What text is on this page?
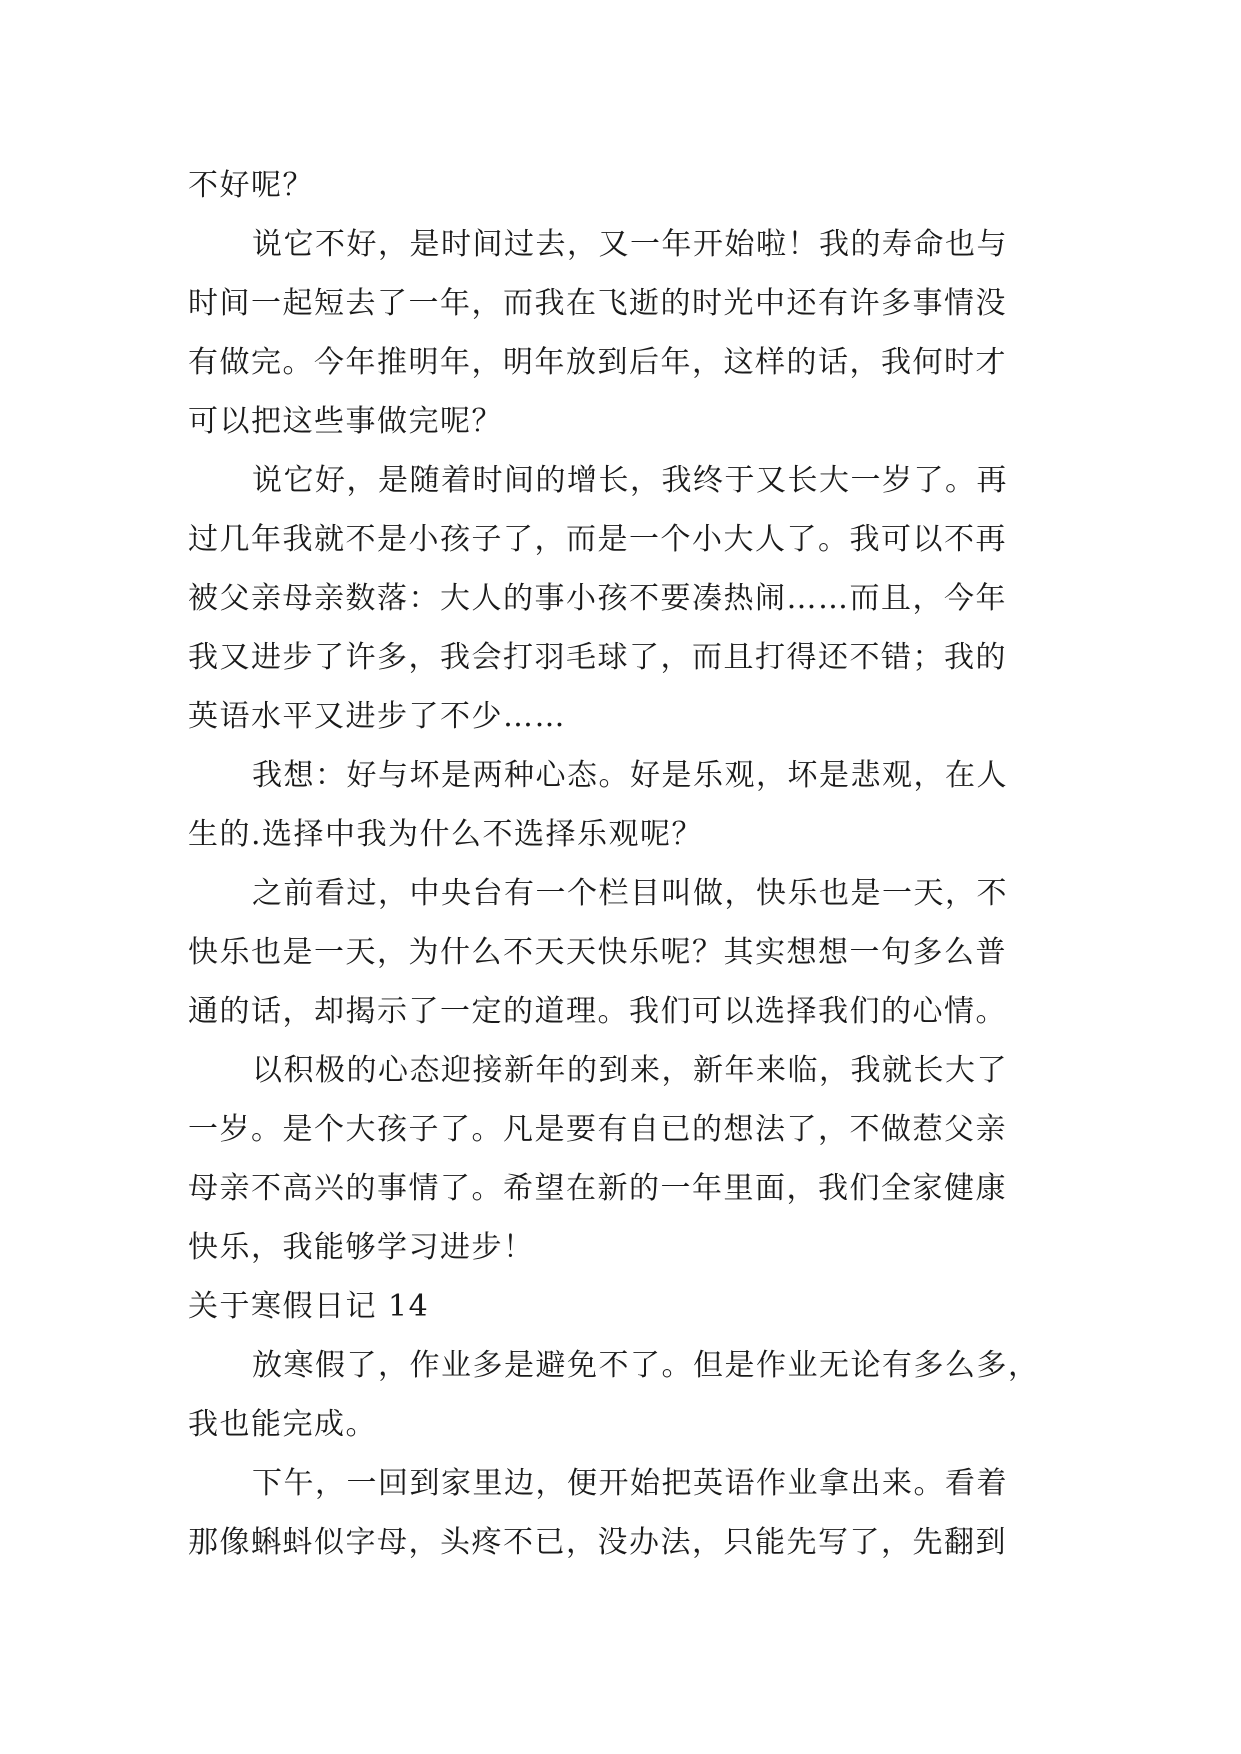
不好呢？
说它不好，是时间过去，又一年开始啦！我的寿命也与
时间一起短去了一年，而我在飞逝的时光中还有许多事情没
有做完。今年推明年，明年放到后年，这样的话，我何时才
可以把这些事做完呢？
说它好，是随着时间的增长，我终于又长大一岁了。再
过几年我就不是小孩子了，而是一个小大人了。我可以不再
被父亲母亲数落：大人的事小孩不要凑热闹……而且，今年
我又进步了许多，我会打羽毛球了，而且打得还不错；我的
英语水平又进步了不少……
我想：好与坏是两种心态。好是乐观，坏是悲观，在人
生的.选择中我为什么不选择乐观呢？
之前看过，中央台有一个栏目叫做，快乐也是一天，不
快乐也是一天，为什么不天天快乐呢？其实想想一句多么普
通的话，却揭示了一定的道理。我们可以选择我们的心情。
以积极的心态迎接新年的到来，新年来临，我就长大了
一岁。是个大孩子了。凡是要有自已的想法了，不做惹父亲
母亲不高兴的事情了。希望在新的一年里面，我们全家健康
快乐，我能够学习进步！
关于寒假日记 14
放寒假了，作业多是避免不了。但是作业无论有多么多，
我也能完成。
下午，一回到家里边，便开始把英语作业拿出来。看着
那像蝌蚪似字母，头疼不已，没办法，只能先写了，先翻到
